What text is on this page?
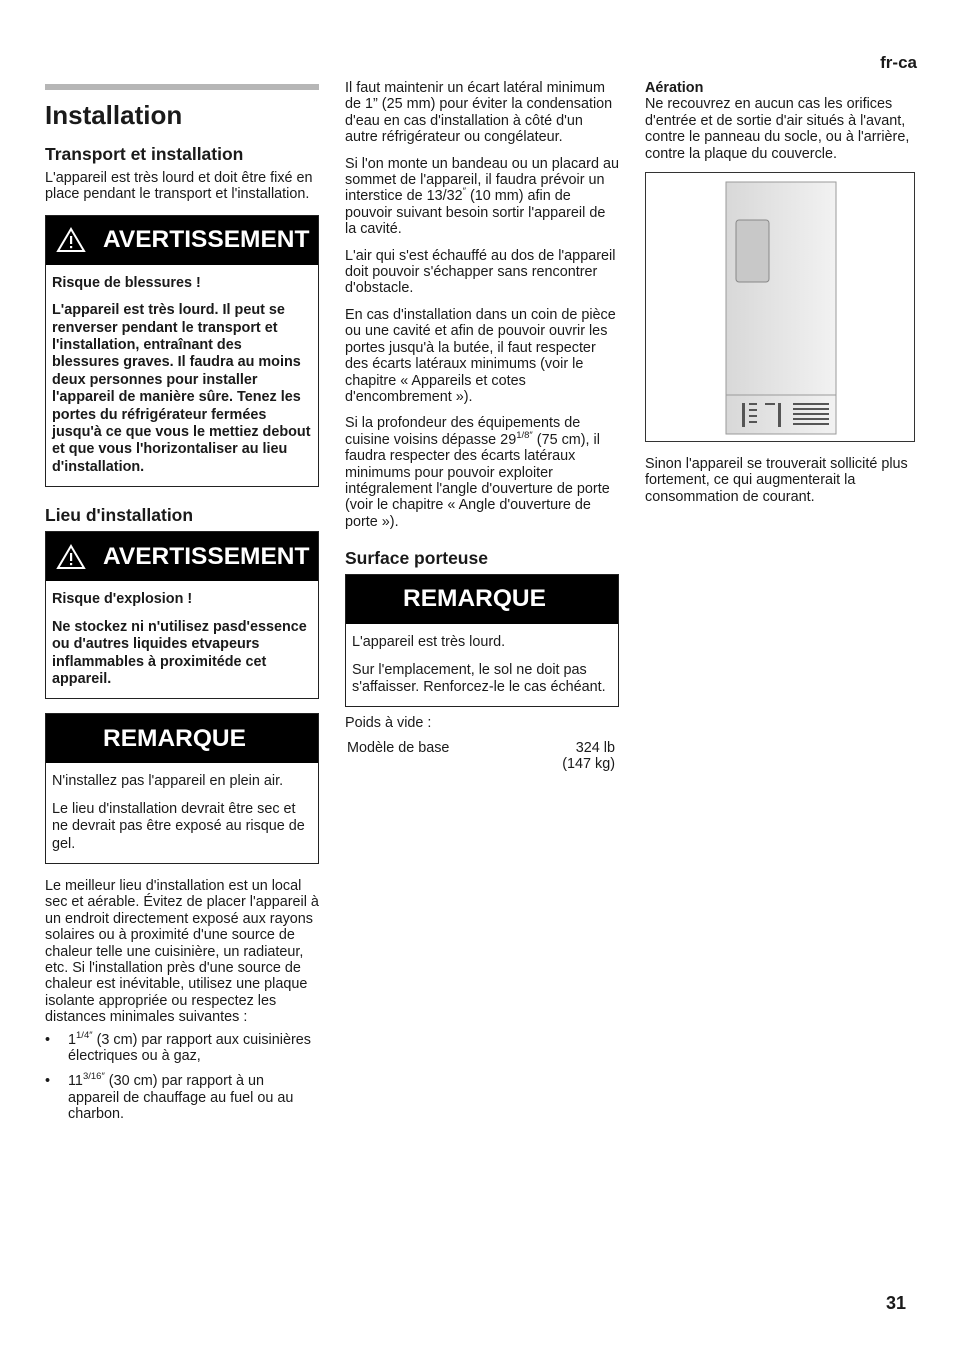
fr-ca
Installation
Transport et installation

L'appareil est très lourd et doit être fixé en place pendant le transport et l'installation.

AVERTISSEMENT

Risque de blessures !

L'appareil est très lourd. Il peut se renverser pendant le transport et l'installation, entraînant des blessures graves. Il faudra au moins deux personnes pour installer l'appareil de manière sûre. Tenez les portes du réfrigérateur fermées jusqu'à ce que vous le mettiez debout et que vous l'horizontaliser au lieu d'installation.

Lieu d'installation
AVERTISSEMENT

Risque d'explosion !

Ne stockez ni n'utilisez pasd'essence ou d'autres liquides etvapeurs inflammables à proximitéde cet appareil.

REMARQUE

N'installez pas l'appareil en plein air.

Le lieu d'installation devrait être sec et ne devrait pas être exposé au risque de gel.

Le meilleur lieu d'installation est un local sec et aérable. Évitez de placer l'appareil à un endroit directement exposé aux rayons solaires ou à proximité d'une source de chaleur telle une cuisinière, un radiateur, etc. Si l'installation près d'une source de chaleur est inévitable, utilisez une plaque isolante appropriée ou respectez les distances minimales suivantes :

• $1^{1/4''}$ (3 cm) par rapport aux cuisinières électriques ou à gaz,
• $11^{3/16''}$ (30 cm) par rapport à un appareil de chauffage au fuel ou au charbon.

Il faut maintenir un écart latéral minimum de 1” (25 mm) pour éviter la condensation d'eau en cas d'installation à côté d'un autre réfrigérateur ou congélateur.

Si l'on monte un bandeau ou un placard au sommet de l'appareil, il faudra prévoir un interstice de 13/32″ (10 mm) afin de pouvoir suivant besoin sortir l'appareil de la cavité.

L'air qui s'est échauffé au dos de l'appareil doit pouvoir s'échapper sans rencontrer d'obstacle.

En cas d'installation dans un coin de pièce ou une cavité et afin de pouvoir ouvrir les portes jusqu'à la butée, il faut respecter des écarts latéraux minimums (voir le chapitre « Appareils et cotes d'encombrement »).

Si la profondeur des équipements de cuisine voisins dépasse $29^{1/8''}$ (75 cm), il faudra respecter des écarts latéraux minimums pour pouvoir exploiter intégralement l'angle d'ouverture de porte (voir le chapitre « Angle d'ouverture de porte »).

Surface porteuse
REMARQUE

L'appareil est très lourd.

Sur l'emplacement, le sol ne doit pas s'affaisser. Renforcez-le le cas échéant.

Poids à vide :

Modèle de base	324 lb
(147 kg)
Aération

Ne recouvrez en aucun cas les orifices d'entrée et de sortie d'air situés à l'avant, contre le panneau du socle, ou à l'arrière, contre la plaque du couvercle.

Sinon l'appareil se trouverait sollicité plus fortement, ce qui augmenterait la consommation de courant.

31
